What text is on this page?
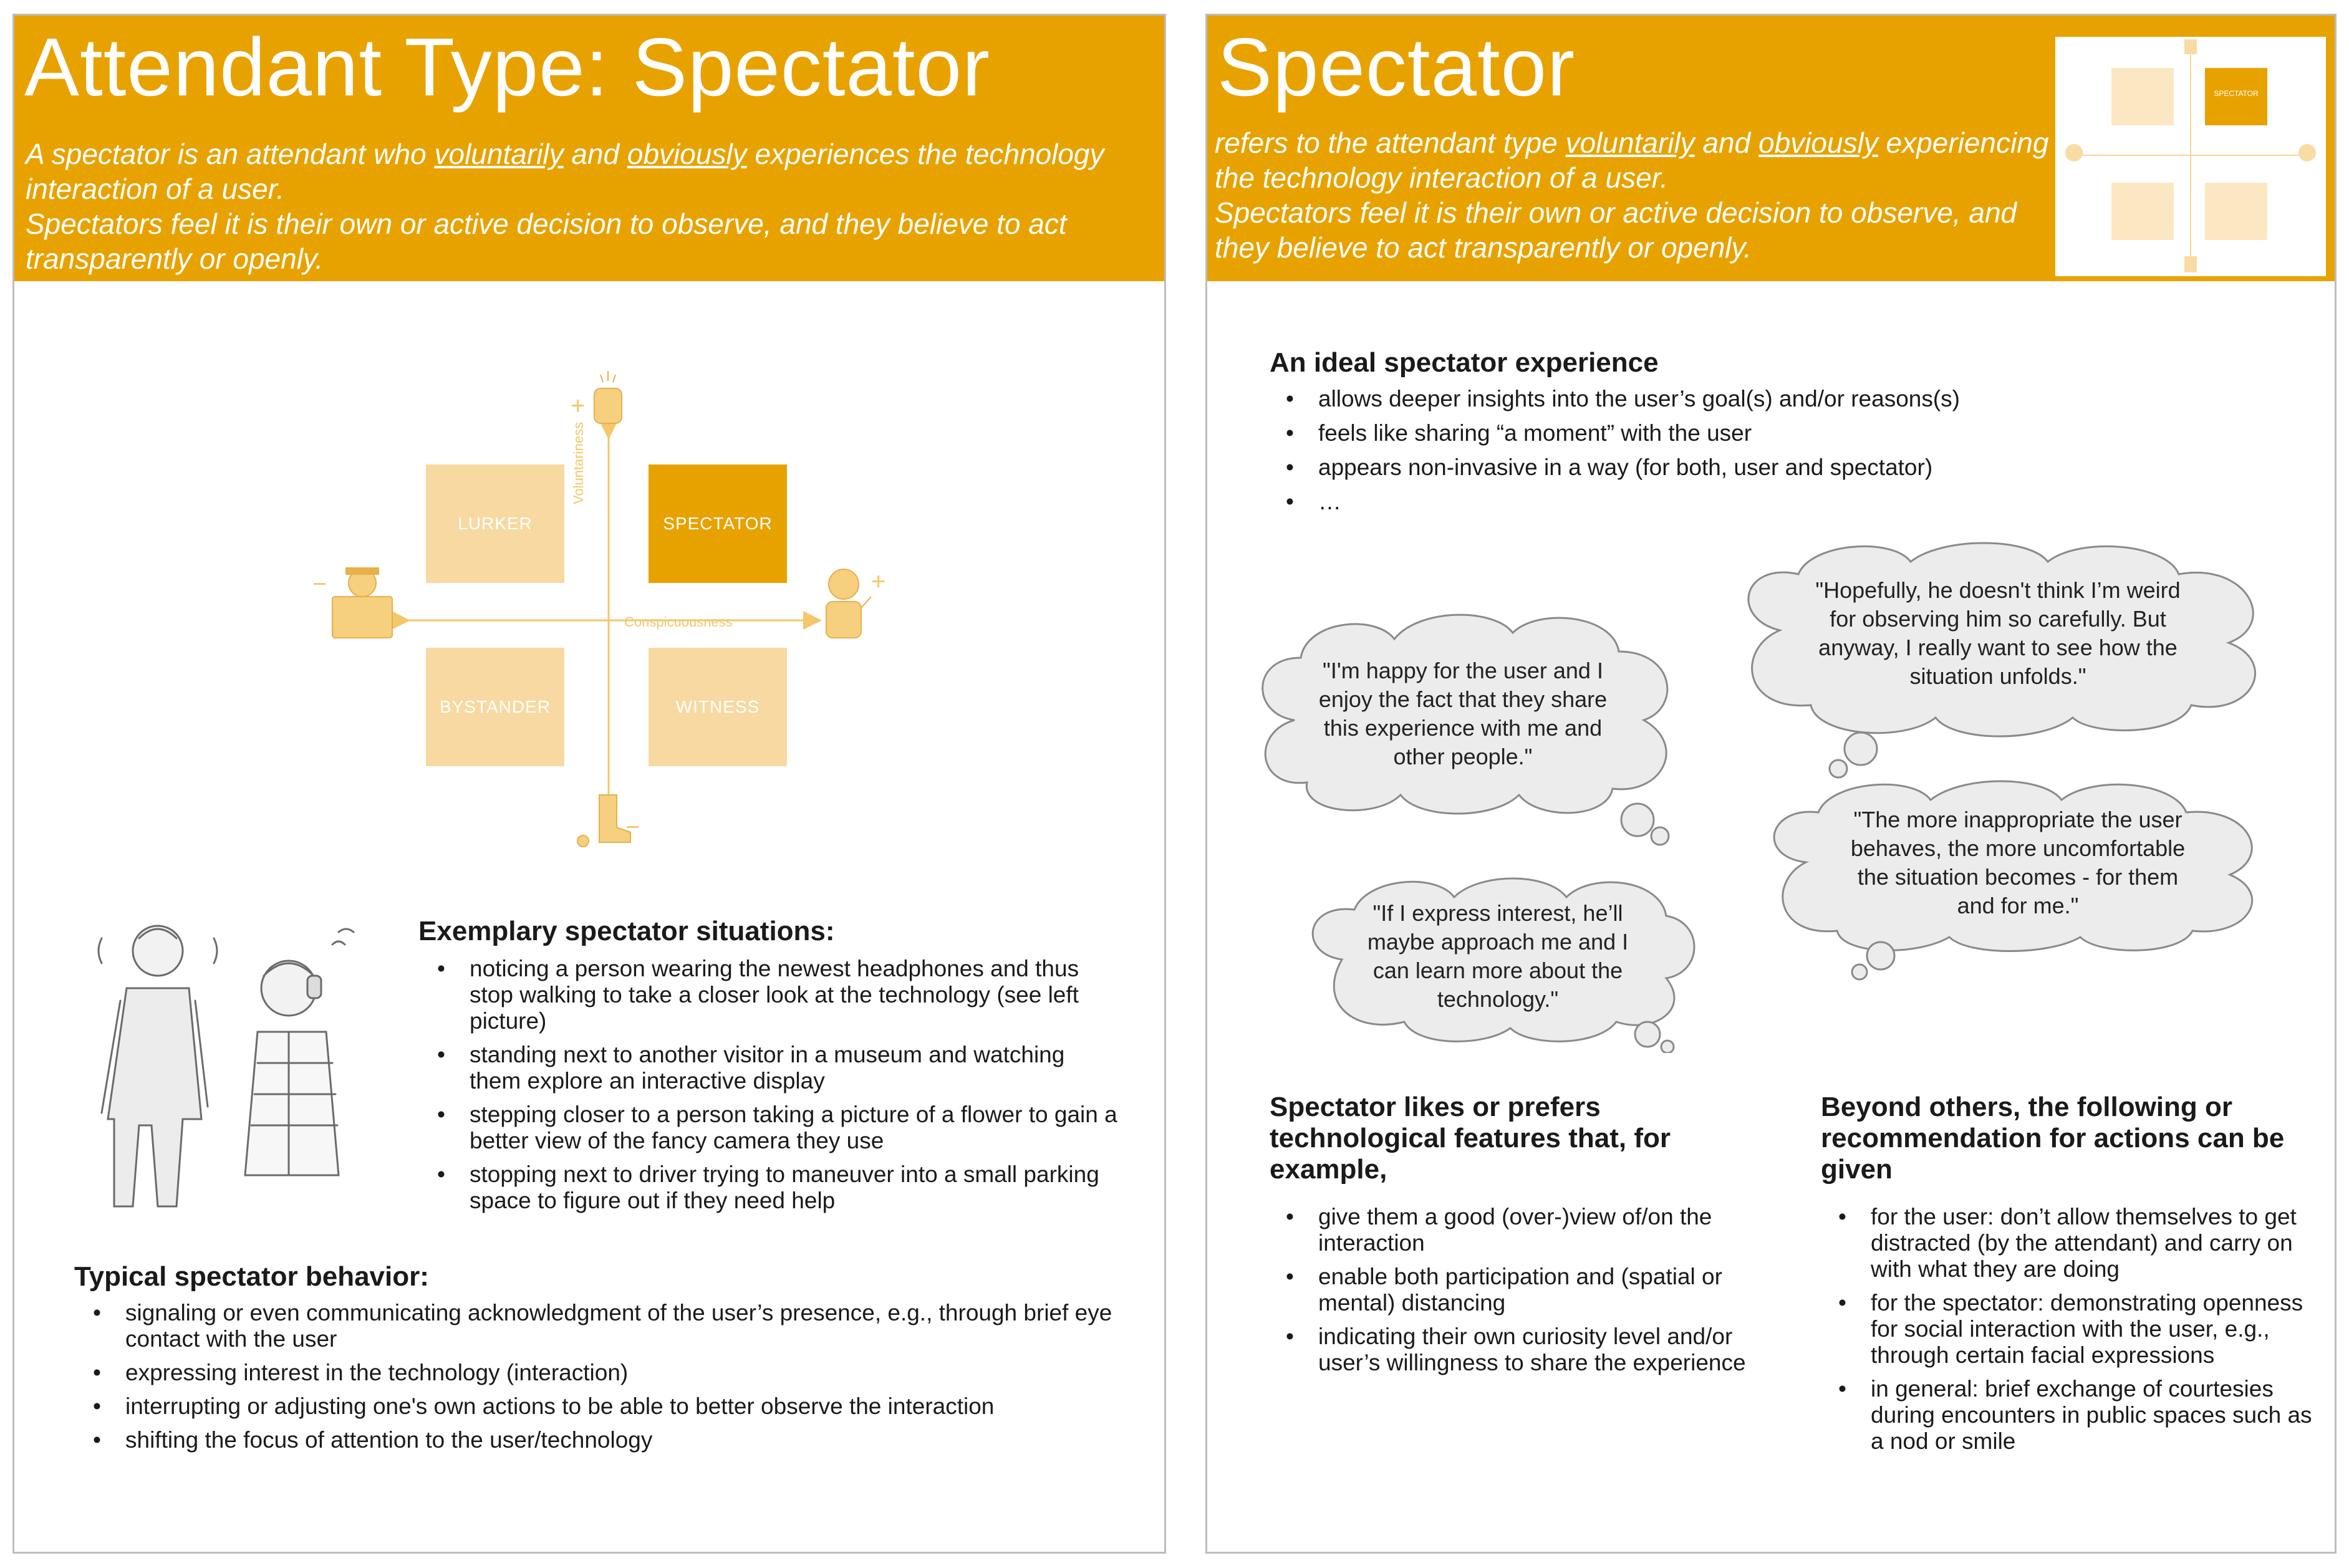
Attendant Type: Spectator

A spectator is an attendant who voluntarily and obviously experiences the technology interaction of a user.

Spectators feel it is their own or active decision to observe, and they believe to act transparently or openly.

+
−
−	+
LURKER	SPECTATOR
BYSTANDER	WITNESS
Voluntariness
Conspicuousness
Exemplary spectator situations:
• noticing a person wearing the newest headphones and thus stop walking to take a closer look at the technology (see left picture)
• standing next to another visitor in a museum and watching them explore an interactive display
• stepping closer to a person taking a picture of a flower to gain a better view of the fancy camera they use
• stopping next to driver trying to maneuver into a small parking space to figure out if they need help
Typical spectator behavior:
• signaling or even communicating acknowledgment of the user’s presence, e.g., through brief eye contact with the user
• expressing interest in the technology (interaction)
• interrupting or adjusting one's own actions to be able to better observe the interaction
• shifting the focus of attention to the user/technology
Spectator

refers to the attendant type voluntarily and obviously experiencing the technology interaction of a user.

Spectators feel it is their own or active decision to observe, and they believe to act transparently or openly.

SPECTATOR
An ideal spectator experience
• allows deeper insights into the user’s goal(s) and/or reasons(s)
• feels like sharing “a moment” with the user
• appears non-invasive in a way (for both, user and spectator)
• …
"I'm happy for the user and I enjoy the fact that they share this experience with me and other people."
"Hopefully, he doesn't think I’m weird for observing him so carefully. But anyway, I really want to see how the situation unfolds."
"If I express interest, he’ll maybe approach me and I can learn more about the technology."
"The more inappropriate the user behaves, the more uncomfortable the situation becomes - for them and for me."
Spectator likes or prefers technological features that, for example,
• give them a good (over-)view of/on the interaction
• enable both participation and (spatial or mental) distancing
• indicating their own curiosity level and/or user’s willingness to share the experience
Beyond others, the following or recommendation for actions can be given
• for the user: don’t allow themselves to get distracted (by the attendant) and carry on with what they are doing
• for the spectator: demonstrating openness for social interaction with the user, e.g., through certain facial expressions
• in general: brief exchange of courtesies during encounters in public spaces such as a nod or smile
